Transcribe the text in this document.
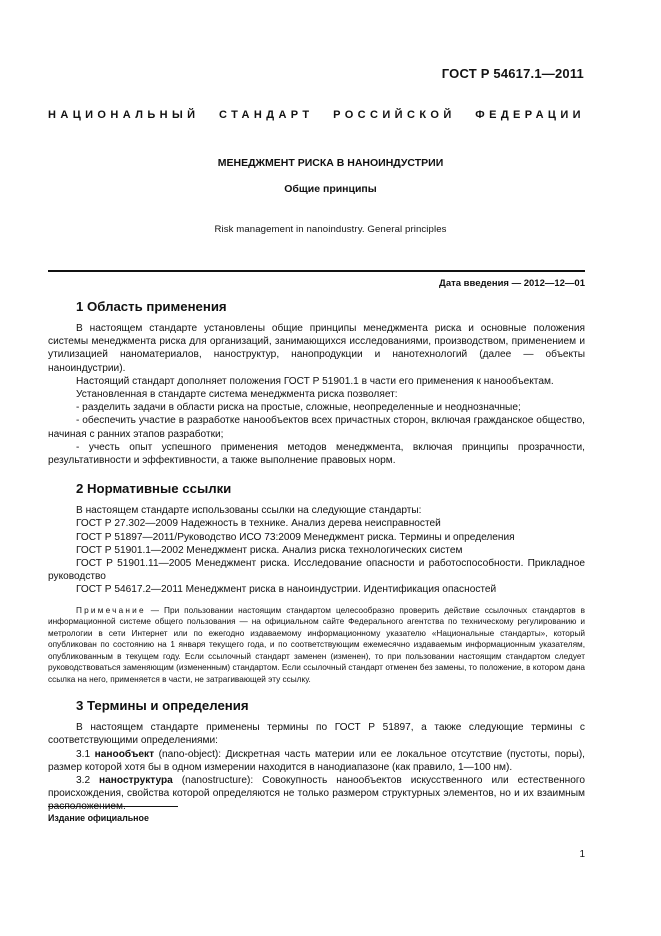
ГОСТ Р 54617.1—2011
НАЦИОНАЛЬНЫЙ СТАНДАРТ РОССИЙСКОЙ ФЕДЕРАЦИИ
МЕНЕДЖМЕНТ РИСКА В НАНОИНДУСТРИИ
Общие принципы
Risk management in nanoindustry. General principles
Дата введения — 2012—12—01
1 Область применения

В настоящем стандарте установлены общие принципы менеджмента риска и основные положения системы менеджмента риска для организаций, занимающихся исследованиями, производством, применением и утилизацией наноматериалов, наноструктур, нанопродукции и нанотехнологий (далее — объекты наноиндустрии).

Настоящий стандарт дополняет положения ГОСТ Р 51901.1 в части его применения к нанообъектам.

Установленная в стандарте система менеджмента риска позволяет:

- разделить задачи в области риска на простые, сложные, неопределенные и неоднозначные;

- обеспечить участие в разработке нанообъектов всех причастных сторон, включая гражданское общество, начиная с ранних этапов разработки;

- учесть опыт успешного применения методов менеджмента, включая принципы прозрачности, результативности и эффективности, а также выполнение правовых норм.

2 Нормативные ссылки

В настоящем стандарте использованы ссылки на следующие стандарты:

ГОСТ Р 27.302—2009 Надежность в технике. Анализ дерева неисправностей

ГОСТ Р 51897—2011/Руководство ИСО 73:2009 Менеджмент риска. Термины и определения

ГОСТ Р 51901.1—2002 Менеджмент риска. Анализ риска технологических систем

ГОСТ Р 51901.11—2005 Менеджмент риска. Исследование опасности и работоспособности. Прикладное руководство

ГОСТ Р 54617.2—2011 Менеджмент риска в наноиндустрии. Идентификация опасностей

Примечание — При пользовании настоящим стандартом целесообразно проверить действие ссылочных стандартов в информационной системе общего пользования — на официальном сайте Федерального агентства по техническому регулированию и метрологии в сети Интернет или по ежегодно издаваемому информационному указателю «Национальные стандарты», который опубликован по состоянию на 1 января текущего года, и по соответствующим ежемесячно издаваемым информационным указателям, опубликованным в текущем году. Если ссылочный стандарт заменен (изменен), то при пользовании настоящим стандартом следует руководствоваться заменяющим (измененным) стандартом. Если ссылочный стандарт отменен без замены, то положение, в котором дана ссылка на него, применяется в части, не затрагивающей эту ссылку.
3 Термины и определения

В настоящем стандарте применены термины по ГОСТ Р 51897, а также следующие термины с соответствующими определениями:

3.1 нанообъект (nano-object): Дискретная часть материи или ее локальное отсутствие (пустоты, поры), размер которой хотя бы в одном измерении находится в нанодиапазоне (как правило, 1—100 нм).

3.2 наноструктура (nanostructure): Совокупность нанообъектов искусственного или естественного происхождения, свойства которой определяются не только размером структурных элементов, но и их взаимным расположением.

Издание официальное
1
